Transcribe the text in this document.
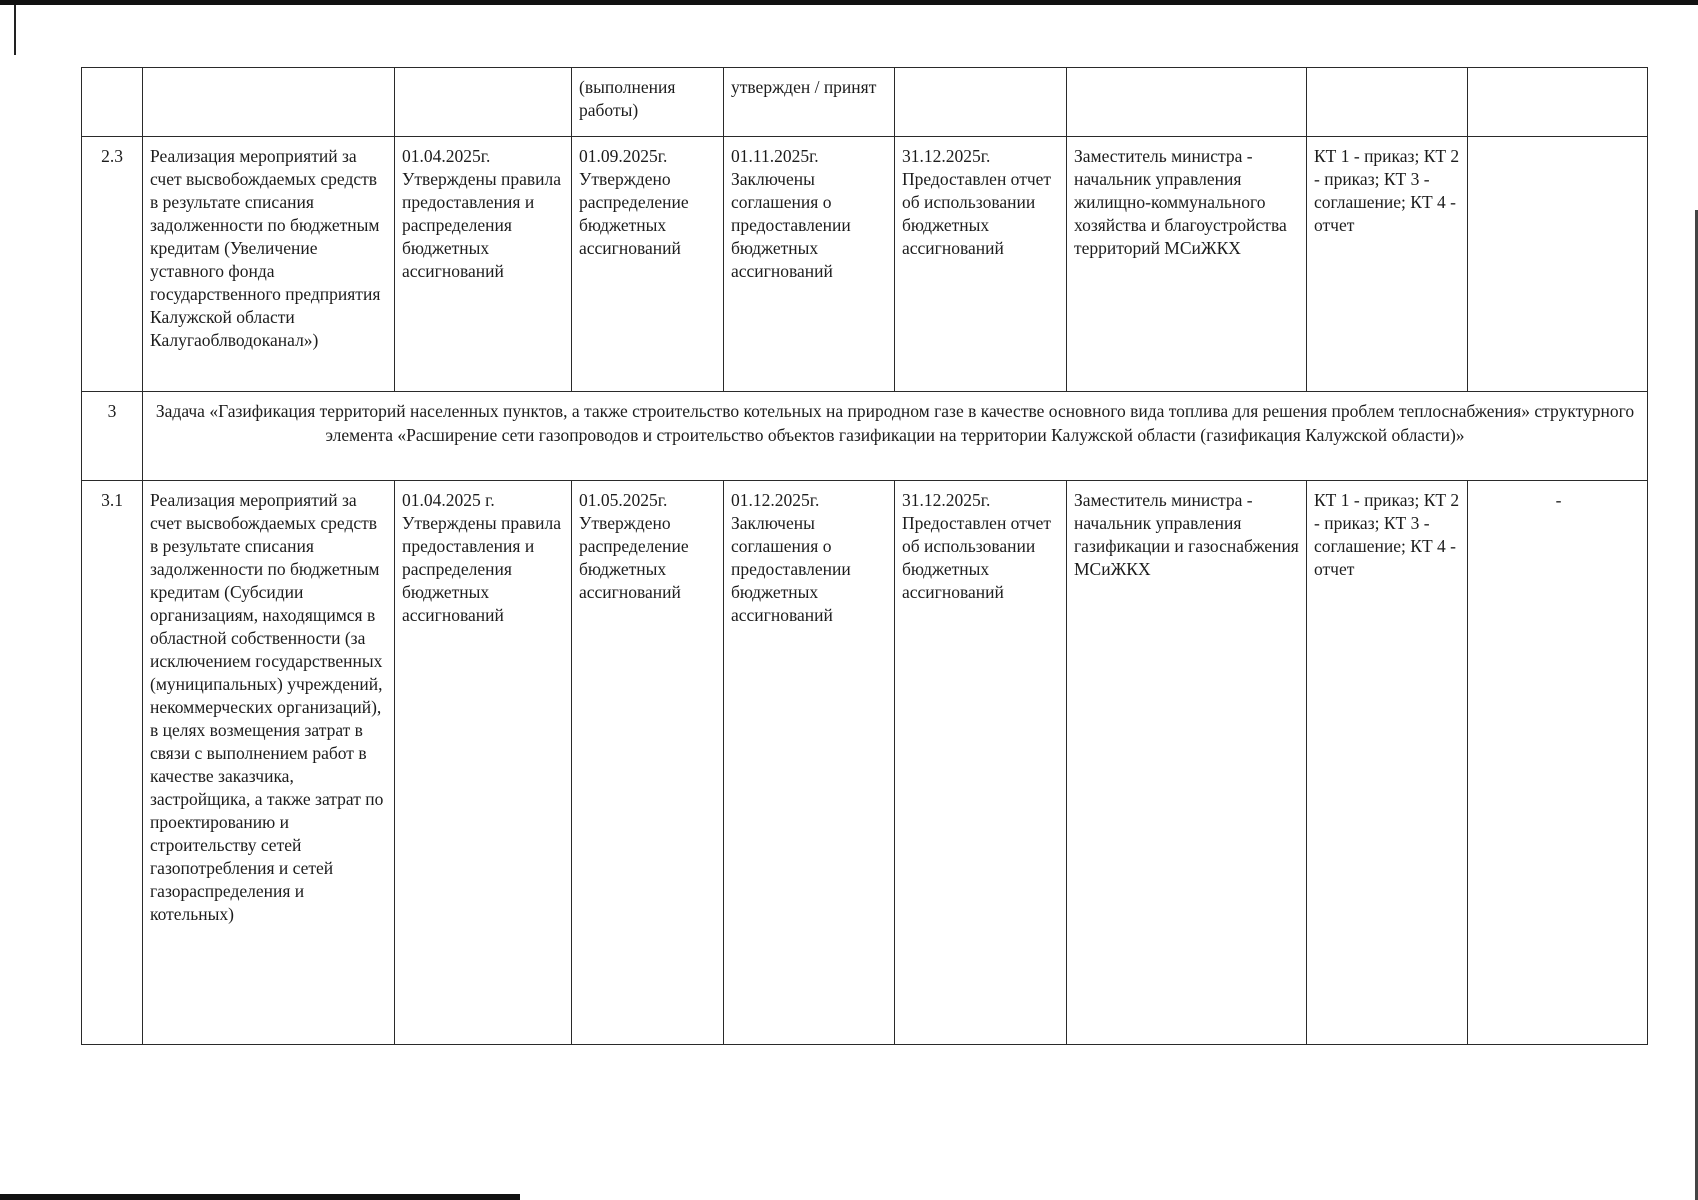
			(выполнения работы)	утвержден / принят				
2.3	Реализация мероприятий за счет высвобождаемых средств в результате списания задолженности по бюджетным кредитам (Увеличение уставного фонда государственного предприятия Калужской области Калугаоблводоканал»)	01.04.2025г. Утверждены правила предоставления и распределения бюджетных ассигнований	01.09.2025г. Утверждено распределение бюджетных ассигнований	01.11.2025г. Заключены соглашения о предоставлении бюджетных ассигнований	31.12.2025г. Предоставлен отчет об использовании бюджетных ассигнований	Заместитель министра - начальник управления жилищно-коммунального хозяйства и благоустройства территорий МСиЖКХ	КТ 1 - приказ; КТ 2 - приказ; КТ 3 - соглашение; КТ 4 - отчет	
3	Задача «Газификация территорий населенных пунктов, а также строительство котельных на природном газе в качестве основного вида топлива для решения проблем теплоснабжения» структурного элемента «Расширение сети газопроводов и строительство объектов газификации на территории Калужской области (газификация Калужской области)»							
3.1	Реализация мероприятий за счет высвобождаемых средств в результате списания задолженности по бюджетным кредитам (Субсидии организациям, находящимся в областной собственности (за исключением государственных (муниципальных) учреждений, некоммерческих организаций), в целях возмещения затрат в связи с выполнением работ в качестве заказчика, застройщика, а также затрат по проектированию и строительству сетей газопотребления и сетей газораспределения и котельных)	01.04.2025 г. Утверждены правила предоставления и распределения бюджетных ассигнований	01.05.2025г. Утверждено распределение бюджетных ассигнований	01.12.2025г. Заключены соглашения о предоставлении бюджетных ассигнований	31.12.2025г. Предоставлен отчет об использовании бюджетных ассигнований	Заместитель министра - начальник управления газификации и газоснабжения МСиЖКХ	КТ 1 - приказ; КТ 2 - приказ; КТ 3 - соглашение; КТ 4 - отчет	-
